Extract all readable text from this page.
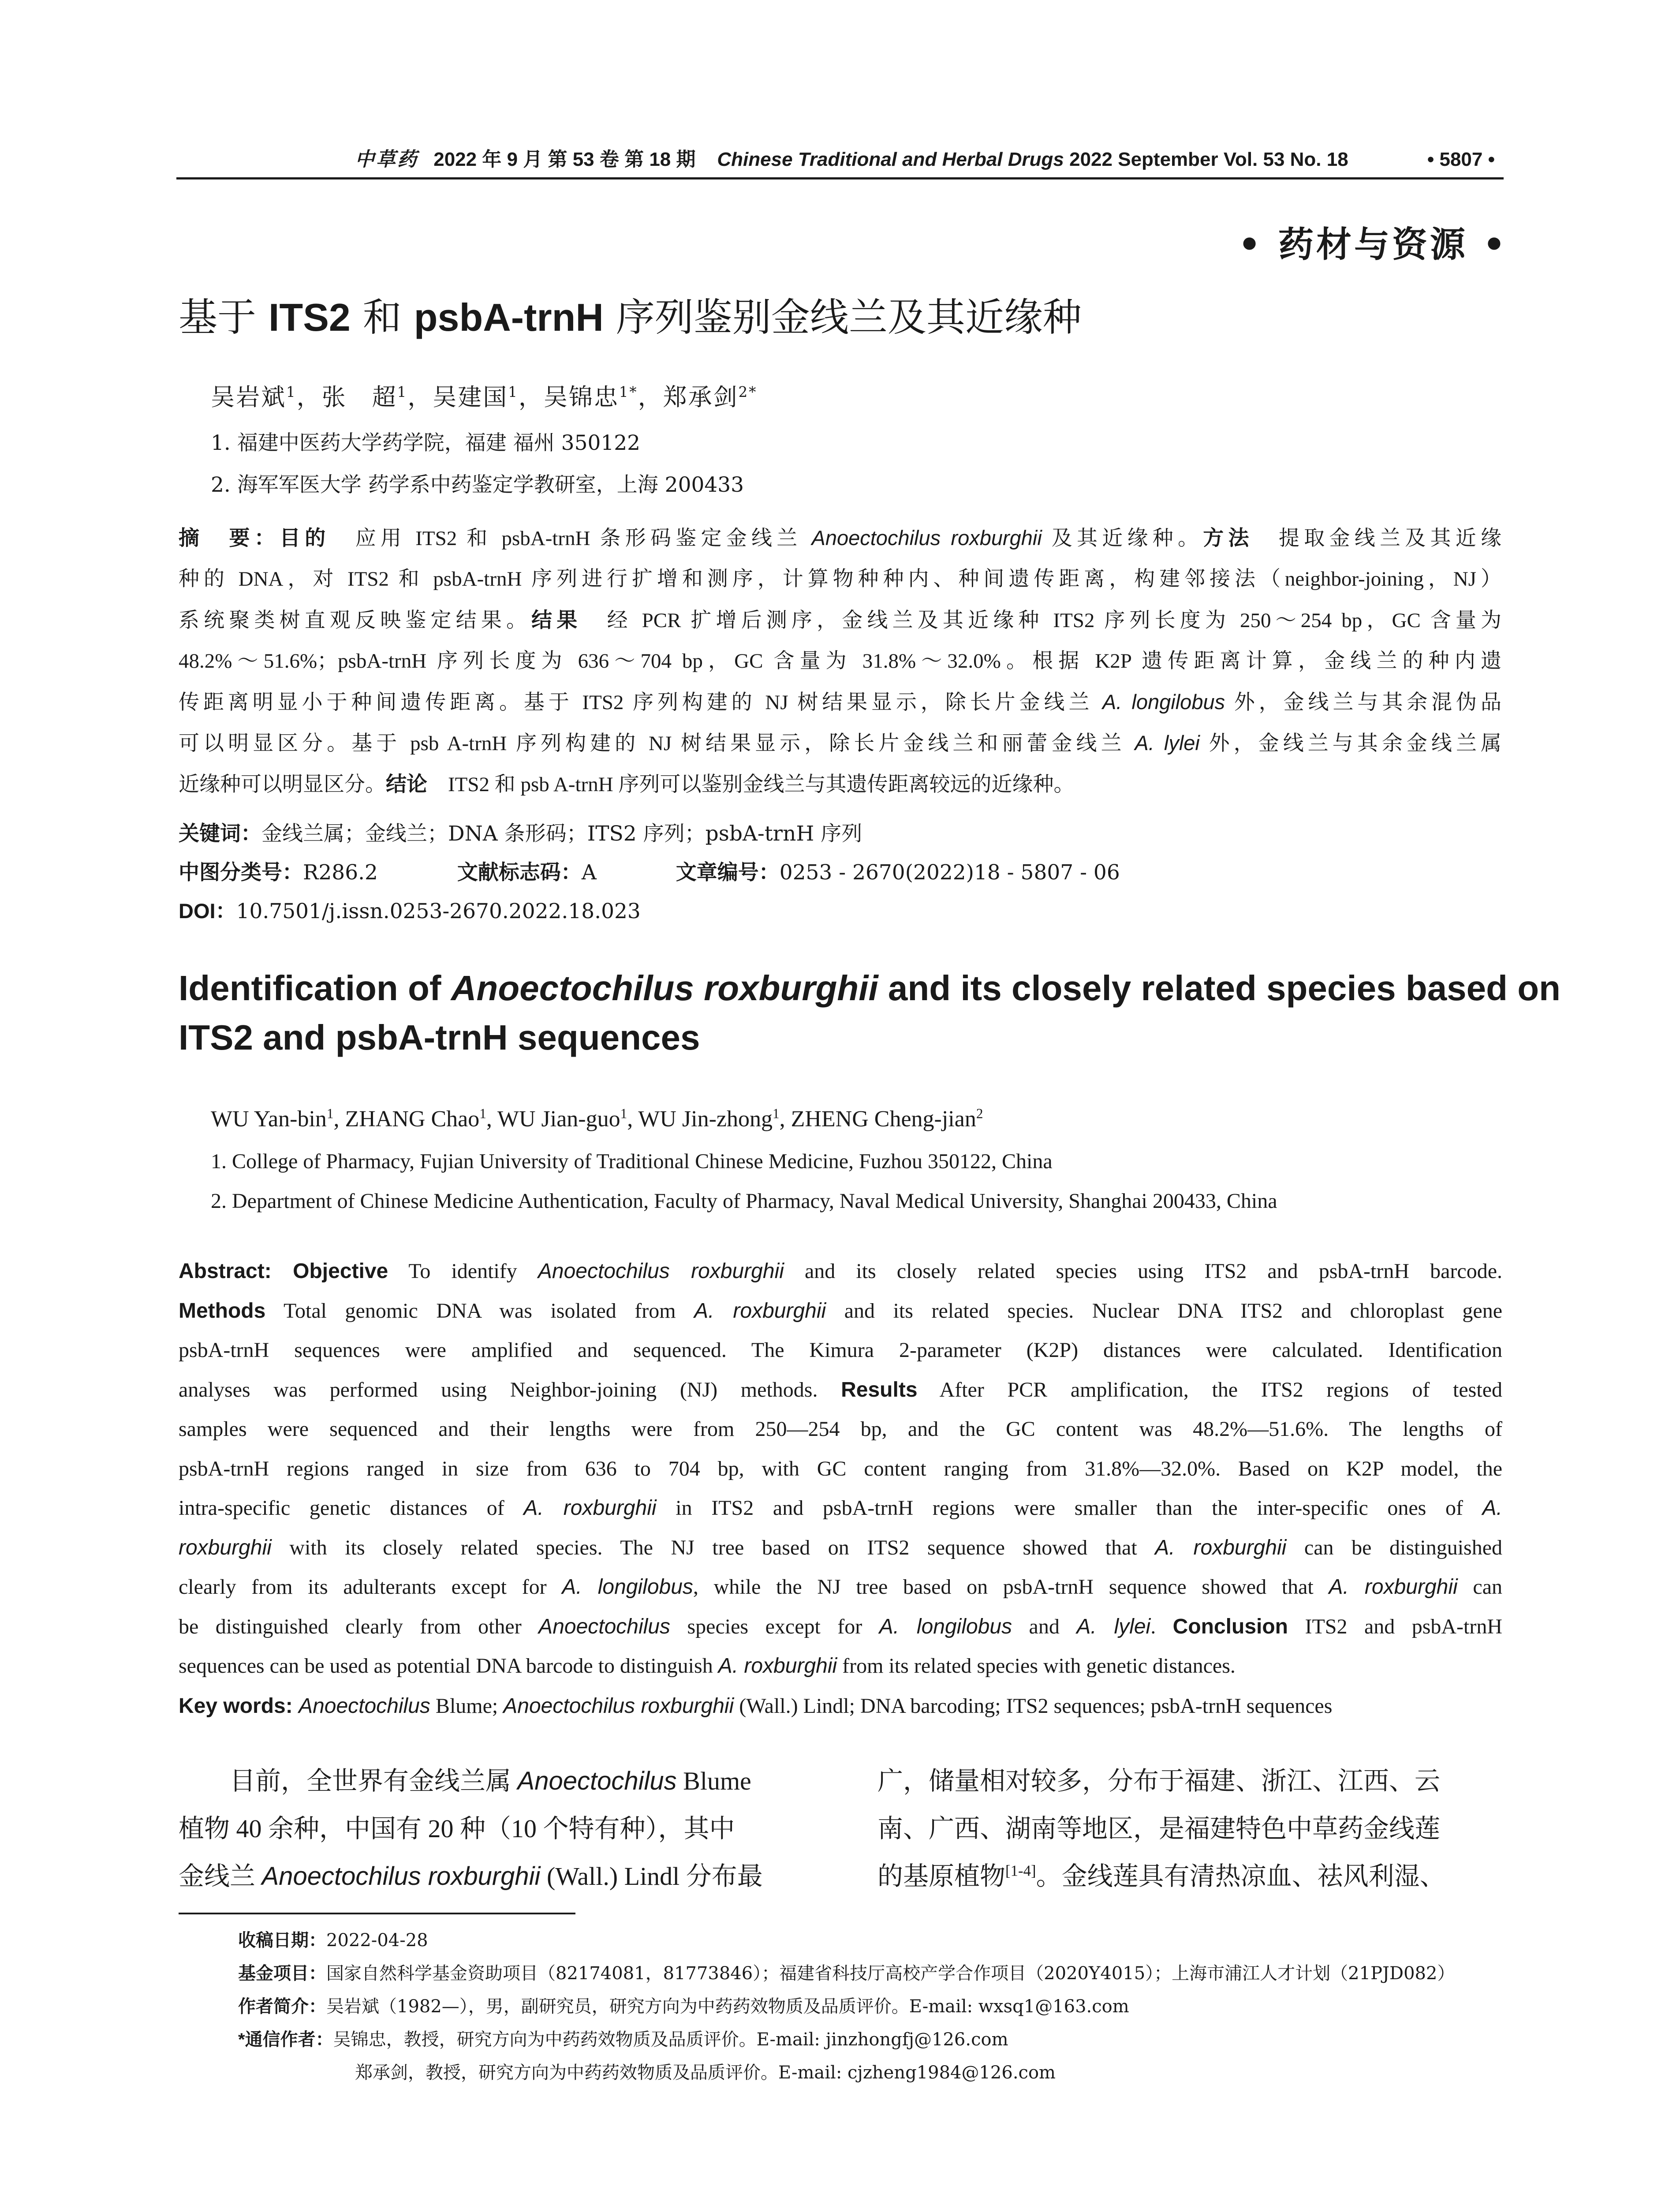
中草药 2022 年 9 月 第 53 卷 第 18 期 Chinese Traditional and Herbal Drugs 2022 September Vol. 53 No. 18	• 5807 •
• 药材与资源 •
基于 ITS2 和 psbA-trnH 序列鉴别金线兰及其近缘种
吴岩斌$^1$，张　超$^1$，吴建国$^1$，吴锦忠$^{1*}$，郑承剑$^{2*}$
1. 福建中医药大学药学院，福建 福州 350122
2. 海军军医大学 药学系中药鉴定学教研室，上海 200433
摘　要：目的　应用 ITS2 和 psbA-trnH 条形码鉴定金线兰 Anoectochilus roxburghii 及其近缘种。方法　提取金线兰及其近缘
种的 DNA，对 ITS2 和 psbA-trnH 序列进行扩增和测序，计算物种种内、种间遗传距离，构建邻接法（neighbor-joining，NJ）
系统聚类树直观反映鉴定结果。结果　经 PCR 扩增后测序，金线兰及其近缘种 ITS2 序列长度为 250～254 bp，GC 含量为
48.2%～51.6%；psbA-trnH 序列长度为 636～704 bp，GC 含量为 31.8%～32.0%。根据 K2P 遗传距离计算，金线兰的种内遗
传距离明显小于种间遗传距离。基于 ITS2 序列构建的 NJ 树结果显示，除长片金线兰 A. longilobus 外，金线兰与其余混伪品
可以明显区分。基于 psb A-trnH 序列构建的 NJ 树结果显示，除长片金线兰和丽蕾金线兰 A. lylei 外，金线兰与其余金线兰属
近缘种可以明显区分。结论　ITS2 和 psb A-trnH 序列可以鉴别金线兰与其遗传距离较远的近缘种。
关键词：金线兰属；金线兰；DNA 条形码；ITS2 序列；psbA-trnH 序列
中图分类号：R286.2	文献标志码：A	文章编号：0253 - 2670(2022)18 - 5807 - 06
DOI：10.7501/j.issn.0253-2670.2022.18.023
Identification of Anoectochilus roxburghii and its closely related species based on
ITS2 and psbA-trnH sequences
WU Yan-bin$^1$, ZHANG Chao$^1$, WU Jian-guo$^1$, WU Jin-zhong$^1$, ZHENG Cheng-jian$^2$
1. College of Pharmacy, Fujian University of Traditional Chinese Medicine, Fuzhou 350122, China
2. Department of Chinese Medicine Authentication, Faculty of Pharmacy, Naval Medical University, Shanghai 200433, China
Abstract: Objective To identify Anoectochilus roxburghii and its closely related species using ITS2 and psbA-trnH barcode.
Methods Total genomic DNA was isolated from A. roxburghii and its related species. Nuclear DNA ITS2 and chloroplast gene
psbA-trnH sequences were amplified and sequenced. The Kimura 2-parameter (K2P) distances were calculated. Identification
analyses was performed using Neighbor-joining (NJ) methods. Results After PCR amplification, the ITS2 regions of tested
samples were sequenced and their lengths were from 250—254 bp, and the GC content was 48.2%—51.6%. The lengths of
psbA-trnH regions ranged in size from 636 to 704 bp, with GC content ranging from 31.8%—32.0%. Based on K2P model, the
intra-specific genetic distances of A. roxburghii in ITS2 and psbA-trnH regions were smaller than the inter-specific ones of A.
roxburghii with its closely related species. The NJ tree based on ITS2 sequence showed that A. roxburghii can be distinguished
clearly from its adulterants except for A. longilobus, while the NJ tree based on psbA-trnH sequence showed that A. roxburghii can
be distinguished clearly from other Anoectochilus species except for A. longilobus and A. lylei. Conclusion ITS2 and psbA-trnH
sequences can be used as potential DNA barcode to distinguish A. roxburghii from its related species with genetic distances.
Key words: Anoectochilus Blume; Anoectochilus roxburghii (Wall.) Lindl; DNA barcoding; ITS2 sequences; psbA-trnH sequences
　　目前，全世界有金线兰属 Anoectochilus Blume
植物 40 余种，中国有 20 种（10 个特有种），其中
金线兰 Anoectochilus roxburghii (Wall.) Lindl 分布最
广，储量相对较多，分布于福建、浙江、江西、云
南、广西、湖南等地区，是福建特色中草药金线莲
的基原植物[1-4]。金线莲具有清热凉血、祛风利湿、
收稿日期：2022-04-28
基金项目：国家自然科学基金资助项目（82174081，81773846）；福建省科技厅高校产学合作项目（2020Y4015）；上海市浦江人才计划（21PJD082）
作者简介：吴岩斌（1982—），男，副研究员，研究方向为中药药效物质及品质评价。E-mail: wxsq1@163.com
*通信作者：吴锦忠，教授，研究方向为中药药效物质及品质评价。E-mail: jinzhongfj@126.com
郑承剑，教授，研究方向为中药药效物质及品质评价。E-mail: cjzheng1984@126.com
